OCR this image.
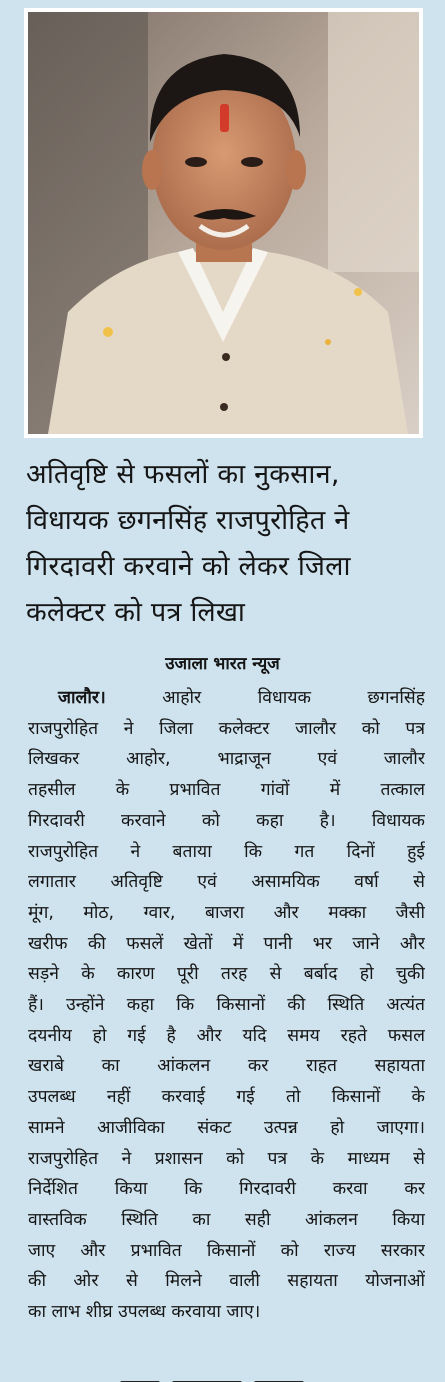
अतिवृष्टि से फसलों का नुकसान,
विधायक छगनसिंह राजपुरोहित ने
गिरदावरी करवाने को लेकर जिला
कलेक्टर को पत्र लिखा

उजाला भारत न्यूज

जालौर। आहोर विधायक छगनसिंह
राजपुरोहित ने जिला कलेक्टर जालौर को पत्र
लिखकर आहोर, भाद्राजून एवं जालौर
तहसील के प्रभावित गांवों में तत्काल
गिरदावरी करवाने को कहा है। विधायक
राजपुरोहित ने बताया कि गत दिनों हुई
लगातार अतिवृष्टि एवं असामयिक वर्षा से
मूंग, मोठ, ग्वार, बाजरा और मक्का जैसी
खरीफ की फसलें खेतों में पानी भर जाने और
सड़ने के कारण पूरी तरह से बर्बाद हो चुकी
हैं। उन्होंने कहा कि किसानों की स्थिति अत्यंत
दयनीय हो गई है और यदि समय रहते फसल
खराबे का आंकलन कर राहत सहायता
उपलब्ध नहीं करवाई गई तो किसानों के
सामने आजीविका संकट उत्पन्न हो जाएगा।
राजपुरोहित ने प्रशासन को पत्र के माध्यम से
निर्देशित किया कि गिरदावरी करवा कर
वास्तविक स्थिति का सही आंकलन किया
जाए और प्रभावित किसानों को राज्य सरकार
की ओर से मिलने वाली सहायता योजनाओं
का लाभ शीघ्र उपलब्ध करवाया जाए।
